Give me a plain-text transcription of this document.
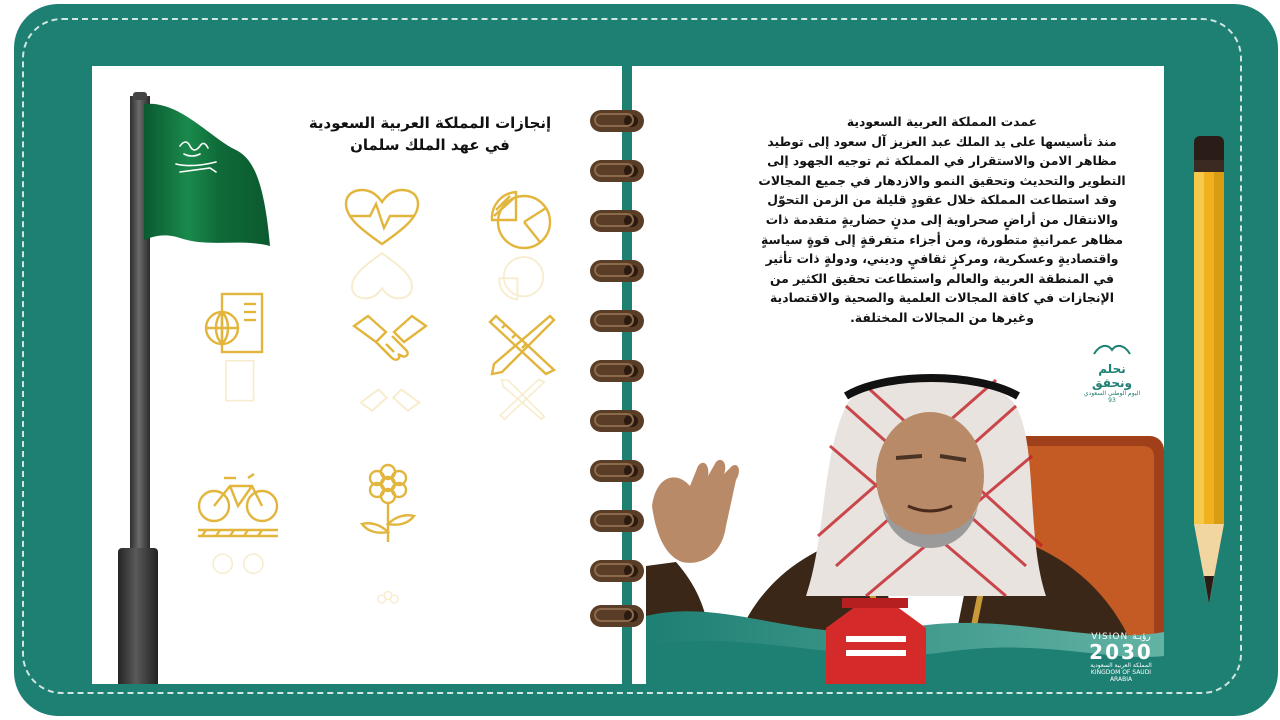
إنجازات المملكة العربية السعودية
في عهد الملك سلمان
عمدت المملكة العربية السعودية
منذ تأسيسها على يد الملك عبد العزيز آل سعود إلى توطيد
مظاهر الامن والاستقرار في المملكة ثم توجيه الجهود إلى
التطوير والتحديث وتحقيق النمو والازدهار في جميع المجالات
وقد استطاعت المملكة خلال عقودٍ قليلة من الزمن التحوّل
والانتقال من أراضٍ صحراوية إلى مدنٍ حضاريةٍ متقدمة ذات
مظاهر عمرانيةٍ متطورة، ومن أجزاء متفرقةٍ إلى قوةٍ سياسةٍ
واقتصاديةٍ وعسكرية، ومركزٍ ثقافيٍ وديني، ودولةٍ ذات تأثير
في المنطقة العربية والعالم واستطاعت تحقيق الكثير من
الإنجازات في كافة المجالات العلمية والصحية والاقتصادية
وغيرها من المجالات المختلفة.
نحلم ونحقق
اليوم الوطني السعودي 93
VISION رؤيـة
2030
المملكة العربية السعودية
KINGDOM OF SAUDI ARABIA
